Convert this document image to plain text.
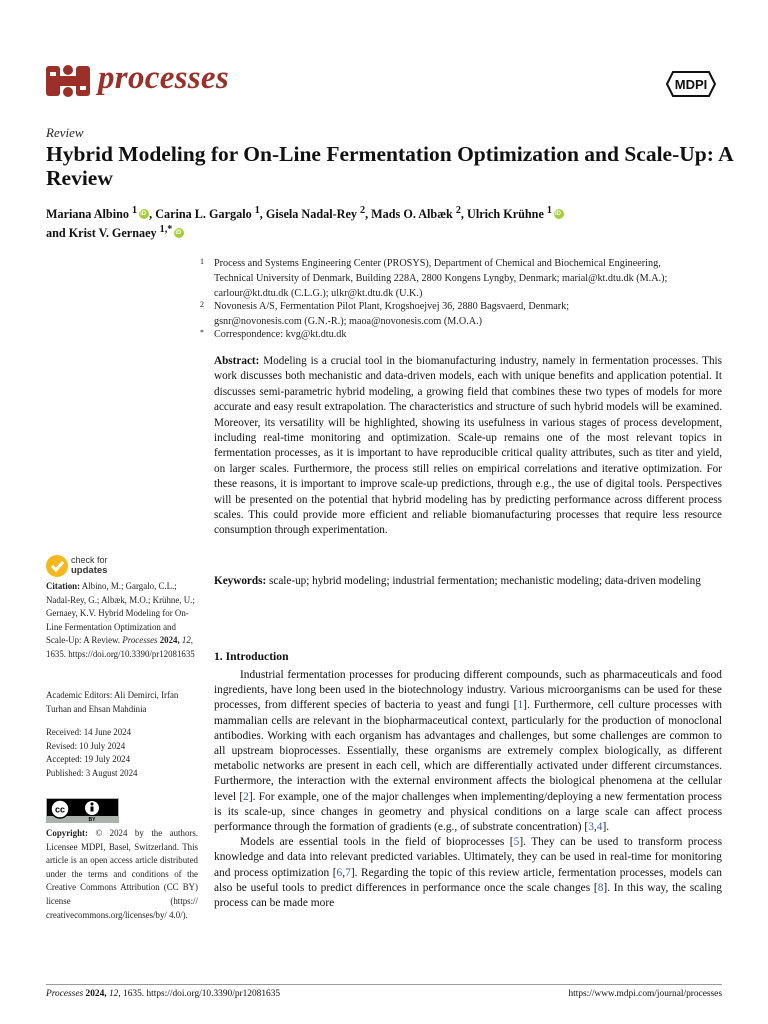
processes	MDPI
Review
Hybrid Modeling for On-Line Fermentation Optimization and Scale-Up: A Review
Mariana Albino $^1$iD , Carina L. Gargalo $^1$, Gisela Nadal-Rey $^2$, Mads O. Albæk $^2$, Ulrich Krühne $^1$iD
and Krist V. Gernaey $^{1,*}$iD
1 Process and Systems Engineering Center (PROSYS), Department of Chemical and Biochemical Engineering,
Technical University of Denmark, Building 228A, 2800 Kongens Lyngby, Denmark; marial@kt.dtu.dk (M.A.);
carlour@kt.dtu.dk (C.L.G.); ulkr@kt.dtu.dk (U.K.)
2 Novonesis A/S, Fermentation Pilot Plant, Krogshoejvej 36, 2880 Bagsvaerd, Denmark;
gsnr@novonesis.com (G.N.-R.); maoa@novonesis.com (M.O.A.)
* Correspondence: kvg@kt.dtu.dk
Abstract: Modeling is a crucial tool in the biomanufacturing industry, namely in fermentation processes. This work discusses both mechanistic and data-driven models, each with unique benefits and application potential. It discusses semi-parametric hybrid modeling, a growing field that combines these two types of models for more accurate and easy result extrapolation. The characteristics and structure of such hybrid models will be examined. Moreover, its versatility will be highlighted, showing its usefulness in various stages of process development, including real-time monitoring and optimization. Scale-up remains one of the most relevant topics in fermentation processes, as it is important to have reproducible critical quality attributes, such as titer and yield, on larger scales. Furthermore, the process still relies on empirical correlations and iterative optimization. For these reasons, it is important to improve scale-up predictions, through e.g., the use of digital tools. Perspectives will be presented on the potential that hybrid modeling has by predicting performance across different process scales. This could provide more efficient and reliable biomanufacturing processes that require less resource consumption through experimentation.
Keywords: scale-up; hybrid modeling; industrial fermentation; mechanistic modeling; data-driven modeling
check for
updates
Citation: Albino, M.; Gargalo, C.L.; Nadal-Rey, G.; Albæk, M.O.; Krühne, U.; Gernaey, K.V. Hybrid Modeling for On-Line Fermentation Optimization and Scale-Up: A Review. Processes 2024, 12, 1635. https://doi.org/10.3390/pr12081635
Academic Editors: Ali Demirci, Irfan Turhan and Ehsan Mahdinia
Received: 14 June 2024
Revised: 10 July 2024
Accepted: 19 July 2024
Published: 3 August 2024
cc
BY
Copyright: © 2024 by the authors. Licensee MDPI, Basel, Switzerland. This article is an open access article distributed under the terms and conditions of the Creative Commons Attribution (CC BY) license (https:// creativecommons.org/licenses/by/ 4.0/).
1. Introduction

Industrial fermentation processes for producing different compounds, such as pharmaceuticals and food ingredients, have long been used in the biotechnology industry. Various microorganisms can be used for these processes, from different species of bacteria to yeast and fungi [1]. Furthermore, cell culture processes with mammalian cells are relevant in the biopharmaceutical context, particularly for the production of monoclonal antibodies. Working with each organism has advantages and challenges, but some challenges are common to all upstream bioprocesses. Essentially, these organisms are extremely complex biologically, as different metabolic networks are present in each cell, which are differentially activated under different circumstances. Furthermore, the interaction with the external environment affects the biological phenomena at the cellular level [2]. For example, one of the major challenges when implementing/deploying a new fermentation process is its scale-up, since changes in geometry and physical conditions on a large scale can affect process performance through the formation of gradients (e.g., of substrate concentration) [3,4].

Models are essential tools in the field of bioprocesses [5]. They can be used to transform process knowledge and data into relevant predicted variables. Ultimately, they can be used in real-time for monitoring and process optimization [6,7]. Regarding the topic of this review article, fermentation processes, models can also be useful tools to predict differences in performance once the scale changes [8]. In this way, the scaling process can be made more

Processes 2024, 12, 1635. https://doi.org/10.3390/pr12081635	https://www.mdpi.com/journal/processes
